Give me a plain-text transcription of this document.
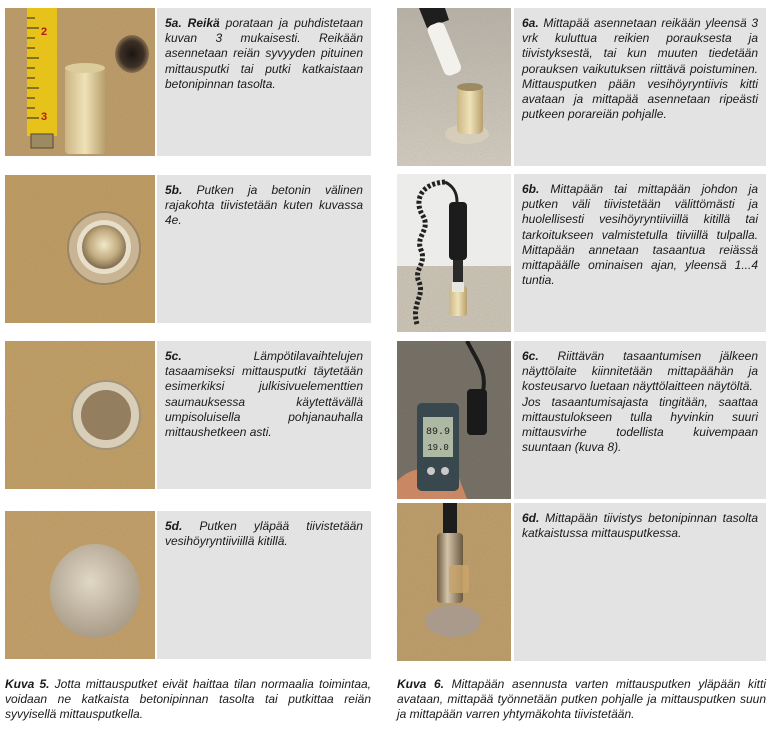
2
3
5a. Reikä porataan ja puhdistetaan kuvan 3 mukaisesti. Reikään asennetaan reiän syvyyden pituinen mittausputki tai putki katkaistaan betonipinnan tasolta.
5b. Putken ja betonin välinen rajakohta tiivistetään kuten kuvassa 4e.
5c.	Lämpötilavaihtelujen tasaamiseksi mittausputki täytetään esimerkiksi julkisivuelementtien saumauksessa käytettävällä umpisoluisella pohjanauhalla mittaushetkeen asti.
5d. Putken yläpää tiivistetään vesihöyryntiiviillä kitillä.
Kuva 5. Jotta mittausputket eivät haittaa tilan normaalia toimintaa, voidaan ne katkaista betonipinnan tasolta tai putkittaa reiän syvyisellä mittausputkella.
6a. Mittapää asennetaan reikään yleensä 3 vrk kuluttua reikien porauksesta ja tiivistyksestä, tai kun muuten tiedetään porauksen vaikutuksen riittävä poistuminen. Mittausputken pään vesihöyryntiivis kitti avataan ja mittapää asennetaan ripeästi putkeen porareiän pohjalle.
6b. Mittapään tai mittapään johdon ja putken väli tiivistetään välittömästi ja huolellisesti vesihöyryntiiviillä kitillä tai tarkoitukseen valmistetulla tiiviillä tulpalla. Mittapään annetaan tasaantua reiässä mittapäälle ominaisen ajan, yleensä 1...4 tuntia.
89.9
19.0
6c. Riittävän tasaantumisen jälkeen näyttölaite kiinnitetään mittapäähän ja kosteusarvo luetaan näyttölaitteen näytöltä.
Jos tasaantumisajasta tingitään, saattaa mittaustulokseen tulla hyvinkin suuri mittausvirhe todellista kuivempaan suuntaan (kuva 8).
6d. Mittapään tiivistys betonipinnan tasolta katkaistussa mittausputkessa.
Kuva 6. Mittapään asennusta varten mittausputken yläpään kitti avataan, mittapää työnnetään putken pohjalle ja mittausputken suun ja mittapään varren yhtymäkohta tiivistetään.
